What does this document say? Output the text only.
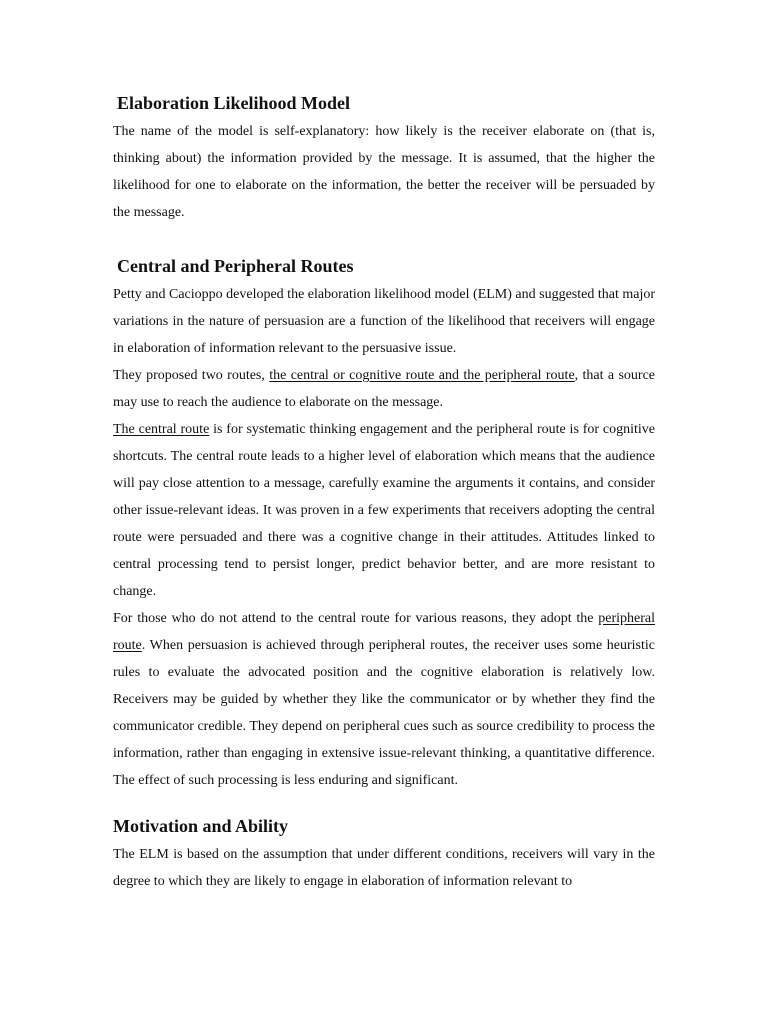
Elaboration Likelihood Model

The name of the model is self-explanatory: how likely is the receiver elaborate on (that is, thinking about) the information provided by the message. It is assumed, that the higher the likelihood for one to elaborate on the information, the better the receiver will be persuaded by the message.

Central and Peripheral Routes

Petty and Cacioppo developed the elaboration likelihood model (ELM) and suggested that major variations in the nature of persuasion are a function of the likelihood that receivers will engage in elaboration of information relevant to the persuasive issue.

They proposed two routes, the central or cognitive route and the peripheral route, that a source may use to reach the audience to elaborate on the message.

The central route is for systematic thinking engagement and the peripheral route is for cognitive shortcuts. The central route leads to a higher level of elaboration which means that the audience will pay close attention to a message, carefully examine the arguments it contains, and consider other issue-relevant ideas. It was proven in a few experiments that receivers adopting the central route were persuaded and there was a cognitive change in their attitudes. Attitudes linked to central processing tend to persist longer, predict behavior better, and are more resistant to change.

For those who do not attend to the central route for various reasons, they adopt the peripheral route. When persuasion is achieved through peripheral routes, the receiver uses some heuristic rules to evaluate the advocated position and the cognitive elaboration is relatively low. Receivers may be guided by whether they like the communicator or by whether they find the communicator credible. They depend on peripheral cues such as source credibility to process the information, rather than engaging in extensive issue-relevant thinking, a quantitative difference. The effect of such processing is less enduring and significant.

Motivation and Ability

The ELM is based on the assumption that under different conditions, receivers will vary in the degree to which they are likely to engage in elaboration of information relevant to
